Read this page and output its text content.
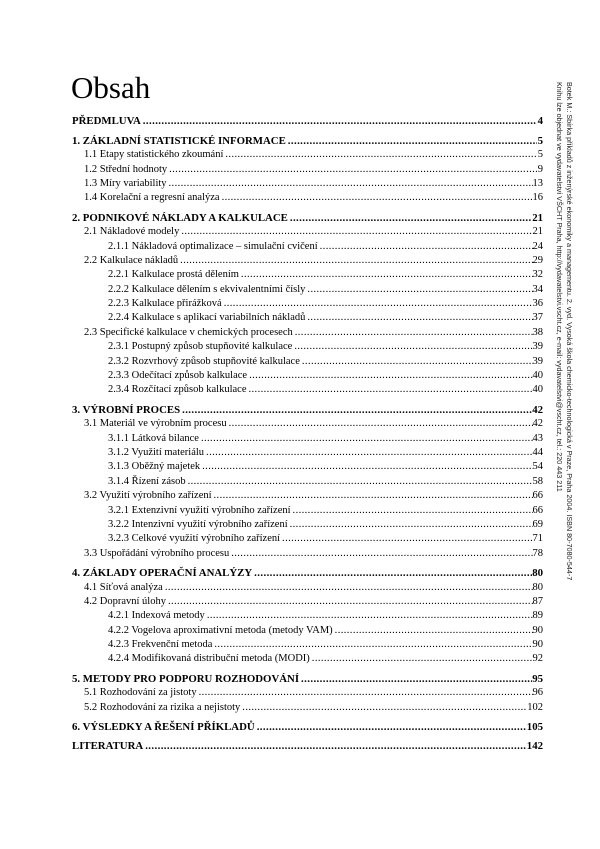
Obsah
PŘEDMLUVA .....	4
1. ZÁKLADNÍ STATISTICKÉ INFORMACE .....	5
1.1 Etapy statistického zkoumání .....	5
1.2 Střední hodnoty .....	9
1.3 Míry variability .....	13
1.4 Korelační a regresní analýza .....	16
2. PODNIKOVÉ NÁKLADY A KALKULACE .....	21
2.1 Nákladové modely .....	21
2.1.1 Nákladová optimalizace – simulační cvičení .....	24
2.2 Kalkulace nákladů .....	29
2.2.1 Kalkulace prostá dělením .....	32
2.2.2 Kalkulace dělením s ekvivalentními čísly .....	34
2.2.3 Kalkulace přirážková .....	36
2.2.4 Kalkulace s aplikací variabilních nákladů .....	37
2.3 Specifické kalkulace v chemických procesech .....	38
2.3.1 Postupný způsob stupňovité kalkulace .....	39
2.3.2 Rozvrhový způsob stupňovité kalkulace .....	39
2.3.3 Odečítací způsob kalkulace .....	40
2.3.4 Rozčítací způsob kalkulace .....	40
3. VÝROBNÍ PROCES .....	42
3.1 Materiál ve výrobním procesu .....	42
3.1.1 Látková bilance .....	43
3.1.2 Využití materiálu .....	44
3.1.3 Oběžný majetek .....	54
3.1.4 Řízení zásob .....	58
3.2 Využití výrobního zařízení .....	66
3.2.1 Extenzivní využití výrobního zařízení .....	66
3.2.2 Intenzivní využití výrobního zařízení .....	69
3.2.3 Celkové využití výrobního zařízení .....	71
3.3 Uspořádání výrobního procesu .....	78
4. ZÁKLADY OPERAČNÍ ANALÝZY .....	80
4.1 Síťová analýza .....	80
4.2 Dopravní úlohy .....	87
4.2.1 Indexová metody .....	89
4.2.2 Vogelova aproximativní metoda (metody VAM) .....	90
4.2.3 Frekvenční metoda .....	90
4.2.4 Modifikovaná distribuční metoda (MODI) .....	92
5. METODY PRO PODPORU ROZHODOVÁNÍ .....	95
5.1 Rozhodování za jistoty .....	96
5.2 Rozhodování za rizika a nejistoty .....	102
6. VÝSLEDKY A ŘEŠENÍ PŘÍKLADŮ .....	105
LITERATURA .....	142
Botek M.: Sbírka příkladů z inženýrské ekonomiky a managementu. 2. vyd. Vysoká škola chemicko-technologická v Praze, Praha 2004. ISBN 80-7080-544-7
Knihu lze objednat ve vydavatelství VŠCHT Praha, http://vydavatelstvi.vscht.cz, e-mail: vydavatelstvi@vscht.cz, tel.: 220 443 211
